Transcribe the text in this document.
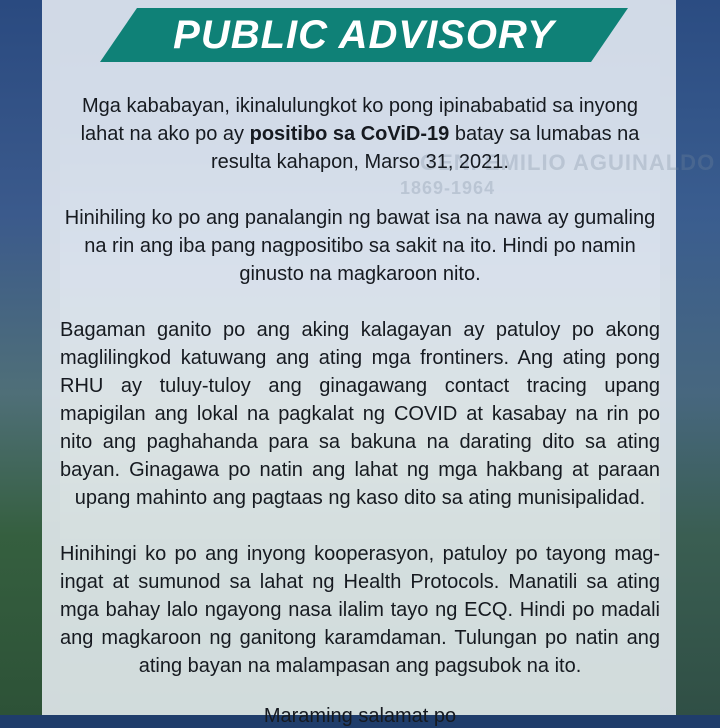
GEN. EMILIO AGUINALDO
1869-1964
PUBLIC ADVISORY

Mga kababayan, ikinalulungkot ko pong ipinababatid sa inyong lahat na ako po ay positibo sa CoViD-19 batay sa lumabas na resulta kahapon, Marso 31, 2021.

Hinihiling ko po ang panalangin ng bawat isa na nawa ay gumaling na rin ang iba pang nagpositibo sa sakit na ito. Hindi po namin ginusto na magkaroon nito.

Bagaman ganito po ang aking kalagayan ay patuloy po akong maglilingkod katuwang ang ating mga frontiners. Ang ating pong RHU ay tuluy-tuloy ang ginagawang contact tracing upang mapigilan ang lokal na pagkalat ng COVID at kasabay na rin po nito ang paghahanda para sa bakuna na darating dito sa ating bayan. Ginagawa po natin ang lahat ng mga hakbang at paraan upang mahinto ang pagtaas ng kaso dito sa ating munisipalidad.

Hinihingi ko po ang inyong kooperasyon, patuloy po tayong mag-ingat at sumunod sa lahat ng Health Protocols. Manatili sa ating mga bahay lalo ngayong nasa ilalim tayo ng ECQ. Hindi po madali ang magkaroon ng ganitong karamdaman. Tulungan po natin ang ating bayan na malampasan ang pagsubok na ito.

Maraming salamat po
